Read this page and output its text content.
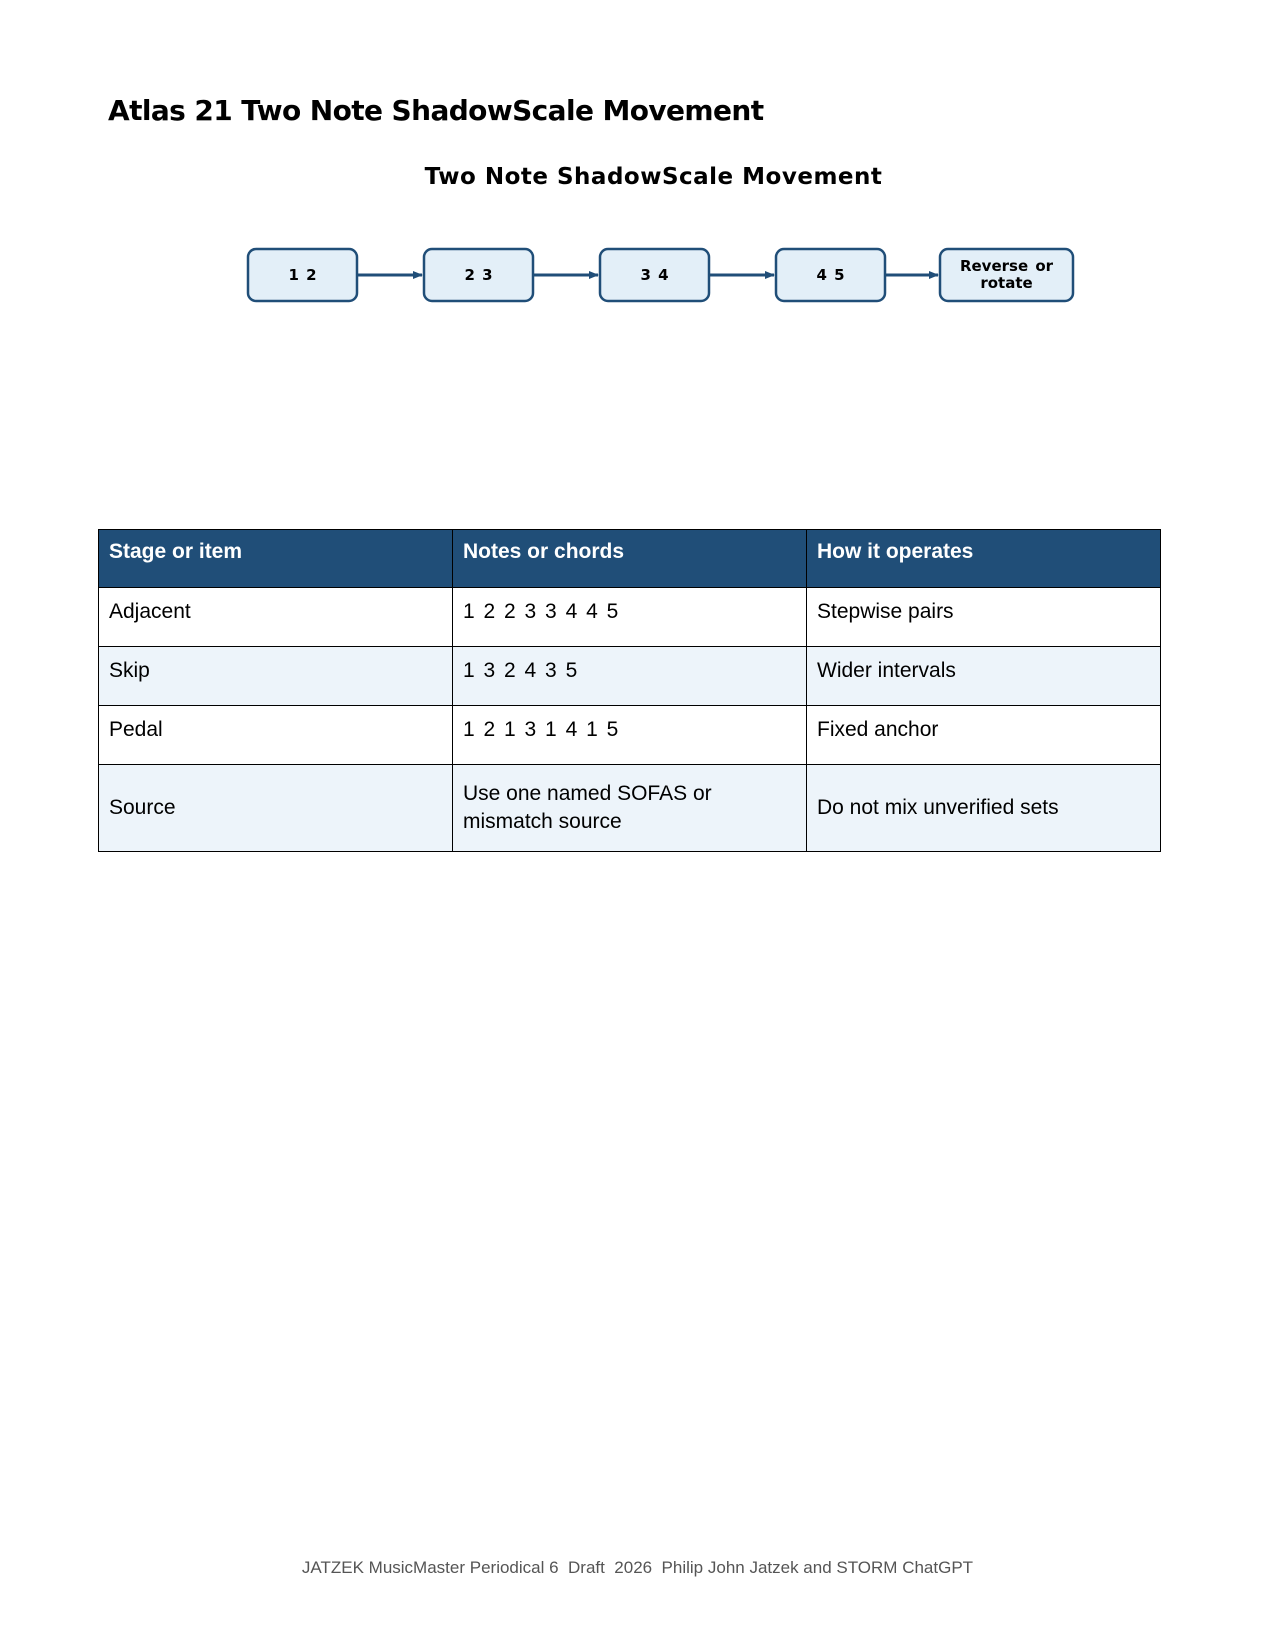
Atlas 21 Two Note ShadowScale Movement
Two Note ShadowScale Movement
1 2	2 3	3 4	4 5	Reverse or rotate
Stage or item	Notes or chords	How it operates
Adjacent	1 2 2 3 3 4 4 5	Stepwise pairs
Skip	1 3 2 4 3 5	Wider intervals
Pedal	1 2 1 3 1 4 1 5	Fixed anchor
Source	Use one named SOFAS or mismatch source	Do not mix unverified sets
JATZEK MusicMaster Periodical 6  Draft  2026  Philip John Jatzek and STORM ChatGPT
